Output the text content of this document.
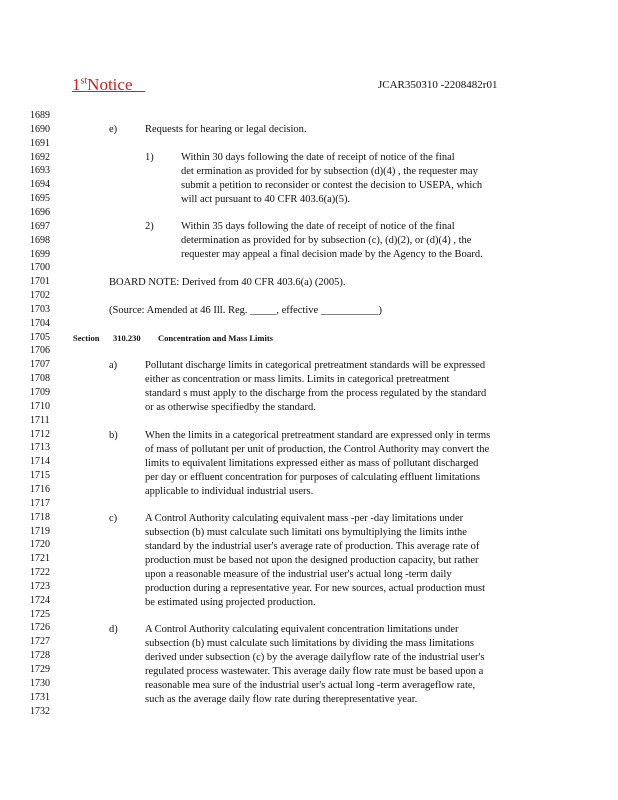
1stNotice	JCAR350310 -2208482r01
1689
1690
1691
1692
1693
1694
1695
1696
1697
1698
1699
1700
1701
1702
1703
1704
1705
1706
1707
1708
1709
1710
1711
1712
1713
1714
1715
1716
1717
1718
1719
1720
1721
1722
1723
1724
1725
1726
1727
1728
1729
1730
1731
1732
e)	Requests for hearing or legal decision.
1)	Within 30 days following the date of receipt of notice of the final
det ermination as provided for by subsection (d)(4) , the requester may
submit a petition to reconsider or contest the decision to USEPA, which
will act pursuant to 40 CFR 403.6(a)(5).
2)	Within 35 days following the date of receipt of notice of the final
determination as provided for by subsection (c), (d)(2), or (d)(4) , the
requester may appeal a final decision made by the Agency to the Board.
BOARD NOTE: Derived from 40 CFR 403.6(a) (2005).
(Source: Amended at 46 Ill. Reg. _____, effective ___________)
Section 310.230 Concentration and Mass Limits
a)	Pollutant discharge limits in categorical pretreatment standards will be expressed
either as concentration or mass limits. Limits in categorical pretreatment
standard s must apply to the discharge from the process regulated by the standard
or as otherwise specifiedby the standard.
b)	When the limits in a categorical pretreatment standard are expressed only in terms
of mass of pollutant per unit of production, the Control Authority may convert the
limits to equivalent limitations expressed either as mass of pollutant discharged
per day or effluent concentration for purposes of calculating effluent limitations
applicable to individual industrial users.
c)	A Control Authority calculating equivalent mass -per -day limitations under
subsection (b) must calculate such limitati ons bymultiplying the limits inthe
standard by the industrial user's average rate of production. This average rate of
production must be based not upon the designed production capacity, but rather
upon a reasonable measure of the industrial user's actual long -term daily
production during a representative year. For new sources, actual production must
be estimated using projected production.
d)	A Control Authority calculating equivalent concentration limitations under
subsection (b) must calculate such limitations by dividing the mass limitations
derived under subsection (c) by the average dailyflow rate of the industrial user's
regulated process wastewater. This average daily flow rate must be based upon a
reasonable mea sure of the industrial user's actual long -term averageflow rate,
such as the average daily flow rate during therepresentative year.
